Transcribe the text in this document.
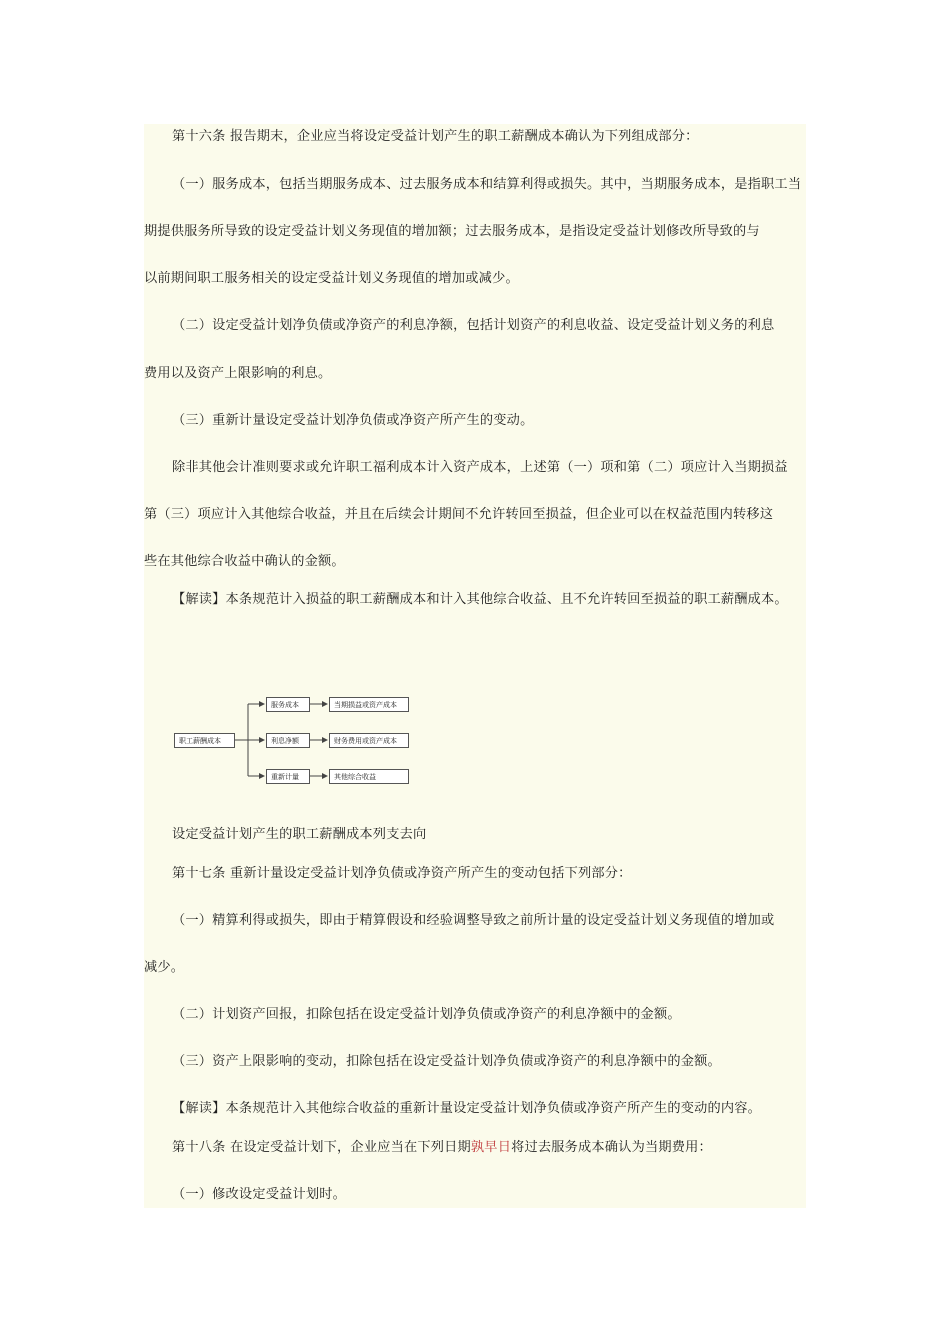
第十六条 报告期末，企业应当将设定受益计划产生的职工薪酬成本确认为下列组成部分：
（一）服务成本，包括当期服务成本、过去服务成本和结算利得或损失。其中，当期服务成本，是指职工当
期提供服务所导致的设定受益计划义务现值的增加额；过去服务成本，是指设定受益计划修改所导致的与
以前期间职工服务相关的设定受益计划义务现值的增加或减少。
（二）设定受益计划净负债或净资产的利息净额，包括计划资产的利息收益、设定受益计划义务的利息
费用以及资产上限影响的利息。
（三）重新计量设定受益计划净负债或净资产所产生的变动。
除非其他会计准则要求或允许职工福利成本计入资产成本，上述第（一）项和第（二）项应计入当期损益
第（三）项应计入其他综合收益，并且在后续会计期间不允许转回至损益，但企业可以在权益范围内转移这
些在其他综合收益中确认的金额。
【解读】本条规范计入损益的职工薪酬成本和计入其他综合收益、且不允许转回至损益的职工薪酬成本。
职工薪酬成本
服务成本
利息净额
重新计量
当期损益或资产成本
财务费用或资产成本
其他综合收益
设定受益计划产生的职工薪酬成本列支去向
第十七条 重新计量设定受益计划净负债或净资产所产生的变动包括下列部分：
（一）精算利得或损失，即由于精算假设和经验调整导致之前所计量的设定受益计划义务现值的增加或
减少。
（二）计划资产回报，扣除包括在设定受益计划净负债或净资产的利息净额中的金额。
（三）资产上限影响的变动，扣除包括在设定受益计划净负债或净资产的利息净额中的金额。
【解读】本条规范计入其他综合收益的重新计量设定受益计划净负债或净资产所产生的变动的内容。
第十八条 在设定受益计划下，企业应当在下列日期孰早日将过去服务成本确认为当期费用：
（一）修改设定受益计划时。
